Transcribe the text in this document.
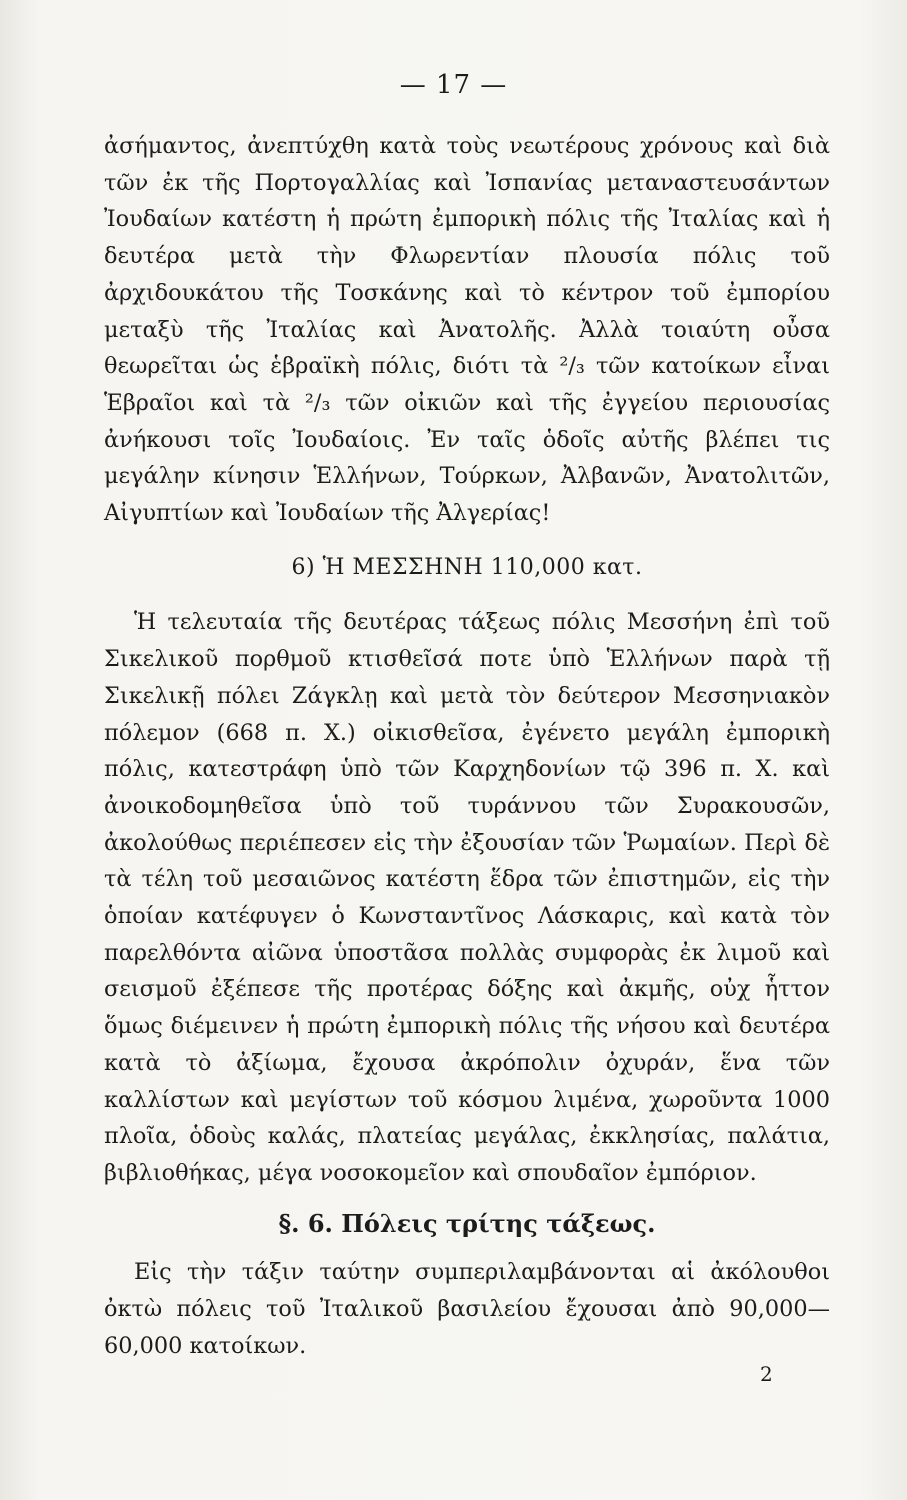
— 17 —

ἀσήμαντος, ἀνεπτύχθη κατὰ τοὺς νεωτέρους χρόνους καὶ διὰ τῶν ἐκ τῆς Πορτογαλλίας καὶ Ἰσπανίας μεταναστευσάντων Ἰουδαίων κατέστη ἡ πρώτη ἐμπορικὴ πόλις τῆς Ἰταλίας καὶ ἡ δευτέρα μετὰ τὴν Φλωρεντίαν πλουσία πόλις τοῦ ἀρχιδουκάτου τῆς Τοσκάνης καὶ τὸ κέντρον τοῦ ἐμπορίου μεταξὺ τῆς Ἰταλίας καὶ Ἀνατολῆς. Ἀλλὰ τοιαύτη οὖσα θεωρεῖται ὡς ἑβραϊκὴ πόλις, διότι τὰ ²/₃ τῶν κατοίκων εἶναι Ἑβραῖοι καὶ τὰ ²/₃ τῶν οἰκιῶν καὶ τῆς ἐγγείου περιουσίας ἀνήκουσι τοῖς Ἰουδαίοις. Ἐν ταῖς ὁδοῖς αὐτῆς βλέπει τις μεγάλην κίνησιν Ἑλλήνων, Τούρκων, Ἀλβανῶν, Ἀνατολιτῶν, Αἰγυπτίων καὶ Ἰουδαίων τῆς Ἀλγερίας!

6) Ἡ ΜΕΣΣΗΝΗ 110,000 κατ.

Ἡ τελευταία τῆς δευτέρας τάξεως πόλις Μεσσήνη ἐπὶ τοῦ Σικελικοῦ πορθμοῦ κτισθεῖσά ποτε ὑπὸ Ἑλλήνων παρὰ τῇ Σικελικῇ πόλει Ζάγκλῃ καὶ μετὰ τὸν δεύτερον Μεσσηνιακὸν πόλεμον (668 π. Χ.) οἰκισθεῖσα, ἐγένετο μεγάλη ἐμπορικὴ πόλις, κατεστράφη ὑπὸ τῶν Καρχηδονίων τῷ 396 π. Χ. καὶ ἀνοικοδομηθεῖσα ὑπὸ τοῦ τυράννου τῶν Συρακουσῶν, ἀκολούθως περιέπεσεν εἰς τὴν ἐξουσίαν τῶν Ῥωμαίων. Περὶ δὲ τὰ τέλη τοῦ μεσαιῶνος κατέστη ἕδρα τῶν ἐπιστημῶν, εἰς τὴν ὁποίαν κατέφυγεν ὁ Κωνσταντῖνος Λάσκαρις, καὶ κατὰ τὸν παρελθόντα αἰῶνα ὑποστᾶσα πολλὰς συμφορὰς ἐκ λιμοῦ καὶ σεισμοῦ ἐξέπεσε τῆς προτέρας δόξης καὶ ἀκμῆς, οὐχ ἧττον ὅμως διέμεινεν ἡ πρώτη ἐμπορικὴ πόλις τῆς νήσου καὶ δευτέρα κατὰ τὸ ἀξίωμα, ἔχουσα ἀκρόπολιν ὀχυράν, ἕνα τῶν καλλίστων καὶ μεγίστων τοῦ κόσμου λιμένα, χωροῦντα 1000 πλοῖα, ὁδοὺς καλάς, πλατείας μεγάλας, ἐκκλησίας, παλάτια, βιβλιοθήκας, μέγα νοσοκομεῖον καὶ σπουδαῖον ἐμπόριον.

§. 6. Πόλεις τρίτης τάξεως.

Εἰς τὴν τάξιν ταύτην συμπεριλαμβάνονται αἱ ἀκόλουθοι ὀκτὼ πόλεις τοῦ Ἰταλικοῦ βασιλείου ἔχουσαι ἀπὸ 90,000—60,000 κατοίκων.

2
